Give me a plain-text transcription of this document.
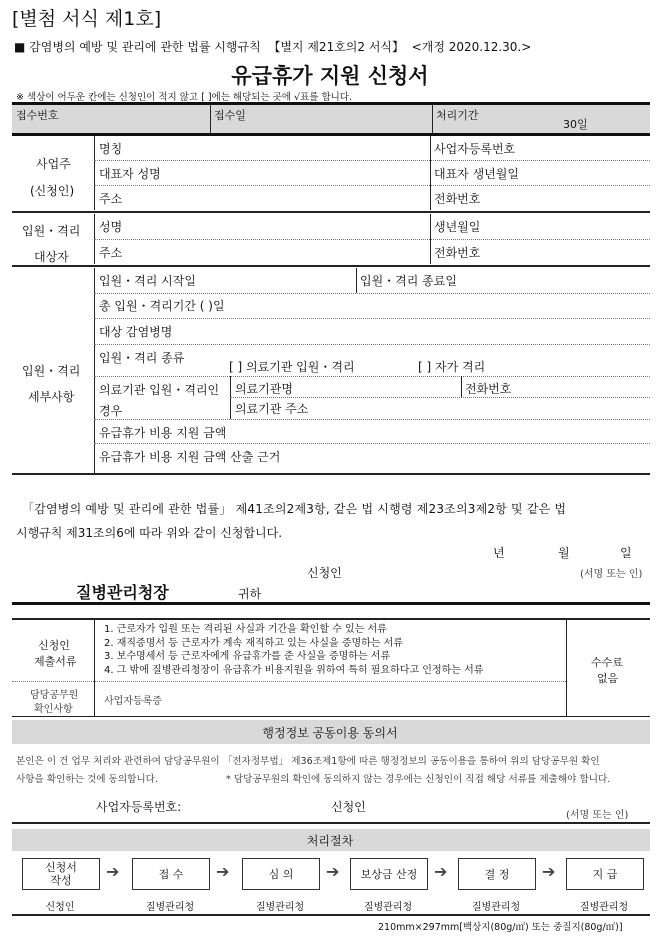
[별첨 서식 제1호]
■ 감염병의 예방 및 관리에 관한 법률 시행규칙 【별지 제21호의2 서식】 <개정 2020.12.30.>
유급휴가 지원 신청서
※ 색상이 어두운 칸에는 신청인이 적지 않고 [ ]에는 해당되는 곳에 √표를 합니다.
접수번호	접수일	처리기간
30일
사업주
(신청인)
명칭	사업자등록번호
대표자 성명	대표자 생년월일
주소	전화번호
입원・격리
대상자
성명	생년월일
주소	전화번호
입원・격리
세부사항
입원・격리 시작일	입원・격리 종료일
총 입원・격리기간 ( )일
대상 감염병명
입원・격리 종류
[ ] 의료기관 입원・격리	[ ] 자가 격리
의료기관 입원・격리인
경우
의료기관명	전화번호
의료기관 주소
유급휴가 비용 지원 금액
유급휴가 비용 지원 금액 산출 근거
「감염병의 예방 및 관리에 관한 법률」 제41조의2제3항, 같은 법 시행령 제23조의3제2항 및 같은 법
시행규칙 제31조의6에 따라 위와 같이 신청합니다.
년	월	일
신청인	(서명 또는 인)
질병관리청장	귀하
신청인
제출서류
1. 근로자가 입원 또는 격리된 사실과 기간을 확인할 수 있는 서류
2. 재직증명서 등 근로자가 계속 재직하고 있는 사실을 증명하는 서류
3. 보수명세서 등 근로자에게 유급휴가를 준 사실을 증명하는 서류
4. 그 밖에 질병관리청장이 유급휴가 비용지원을 위하여 특히 필요하다고 인정하는 서류
수수료
없음
담당공무원
확인사항
사업자등록증
행정정보 공동이용 동의서
본인은 이 건 업무 처리와 관련하여 담당공무원이 「전자정부법」 제36조제1항에 따른 행정정보의 공동이용을 통하여 위의 담당공무원 확인
사항을 확인하는 것에 동의합니다.	* 담당공무원의 확인에 동의하지 않는 경우에는 신청인이 직접 해당 서류를 제출해야 합니다.
사업자등록번호:	신청인
(서명 또는 인)
처리절차
신청서
작성 ➔	접 수 ➔	심 의 ➔ 보상금 산정 ➔	결 정 ➔	지 급
신청인	질병관리청	질병관리청	질병관리청	질병관리청	질병관리청
210mm×297mm[백상지(80g/㎡) 또는 중질지(80g/㎡)]
